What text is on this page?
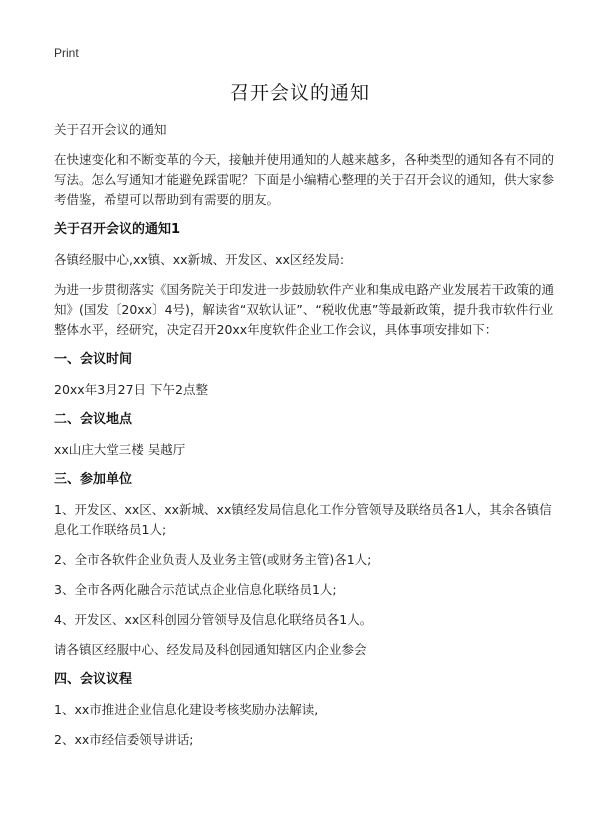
Print
召开会议的通知

关于召开会议的通知

在快速变化和不断变革的今天，接触并使用通知的人越来越多，各种类型的通知各有不同的写法。怎么写通知才能避免踩雷呢？下面是小编精心整理的关于召开会议的通知，供大家参考借鉴，希望可以帮助到有需要的朋友。

关于召开会议的通知1

各镇经服中心,xx镇、xx新城、开发区、xx区经发局:

为进一步贯彻落实《国务院关于印发进一步鼓励软件产业和集成电路产业发展若干政策的通知》(国发〔20xx〕4号)，解读省“双软认证”、“税收优惠”等最新政策，提升我市软件行业整体水平，经研究，决定召开20xx年度软件企业工作会议，具体事项安排如下：

一、会议时间

20xx年3月27日 下午2点整

二、会议地点

xx山庄大堂三楼 吴越厅

三、参加单位

1、开发区、xx区、xx新城、xx镇经发局信息化工作分管领导及联络员各1人，其余各镇信息化工作联络员1人;

2、全市各软件企业负责人及业务主管(或财务主管)各1人;

3、全市各两化融合示范试点企业信息化联络员1人;

4、开发区、xx区科创园分管领导及信息化联络员各1人。

请各镇区经服中心、经发局及科创园通知辖区内企业参会

四、会议议程

1、xx市推进企业信息化建设考核奖励办法解读,

2、xx市经信委领导讲话;
